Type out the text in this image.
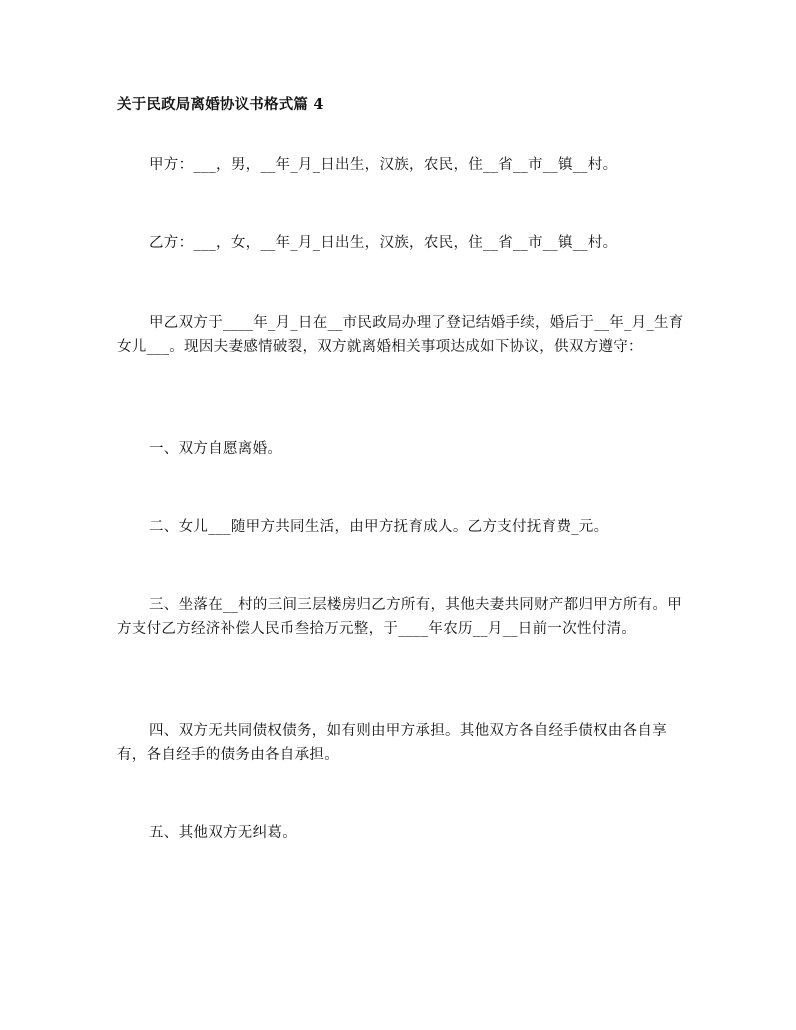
关于民政局离婚协议书格式篇 4
甲方：___，男，__年_月_日出生，汉族，农民，住__省__市__镇__村。
乙方：___，女，__年_月_日出生，汉族，农民，住__省__市__镇__村。
甲乙双方于____年_月_日在__市民政局办理了登记结婚手续，婚后于__年_月_生育女儿___。现因夫妻感情破裂，双方就离婚相关事项达成如下协议，供双方遵守：
一、双方自愿离婚。
二、女儿___随甲方共同生活，由甲方抚育成人。乙方支付抚育费_元。
三、坐落在__村的三间三层楼房归乙方所有，其他夫妻共同财产都归甲方所有。甲方支付乙方经济补偿人民币叁拾万元整，于____年农历__月__日前一次性付清。
四、双方无共同债权债务，如有则由甲方承担。其他双方各自经手债权由各自享有，各自经手的债务由各自承担。
五、其他双方无纠葛。
